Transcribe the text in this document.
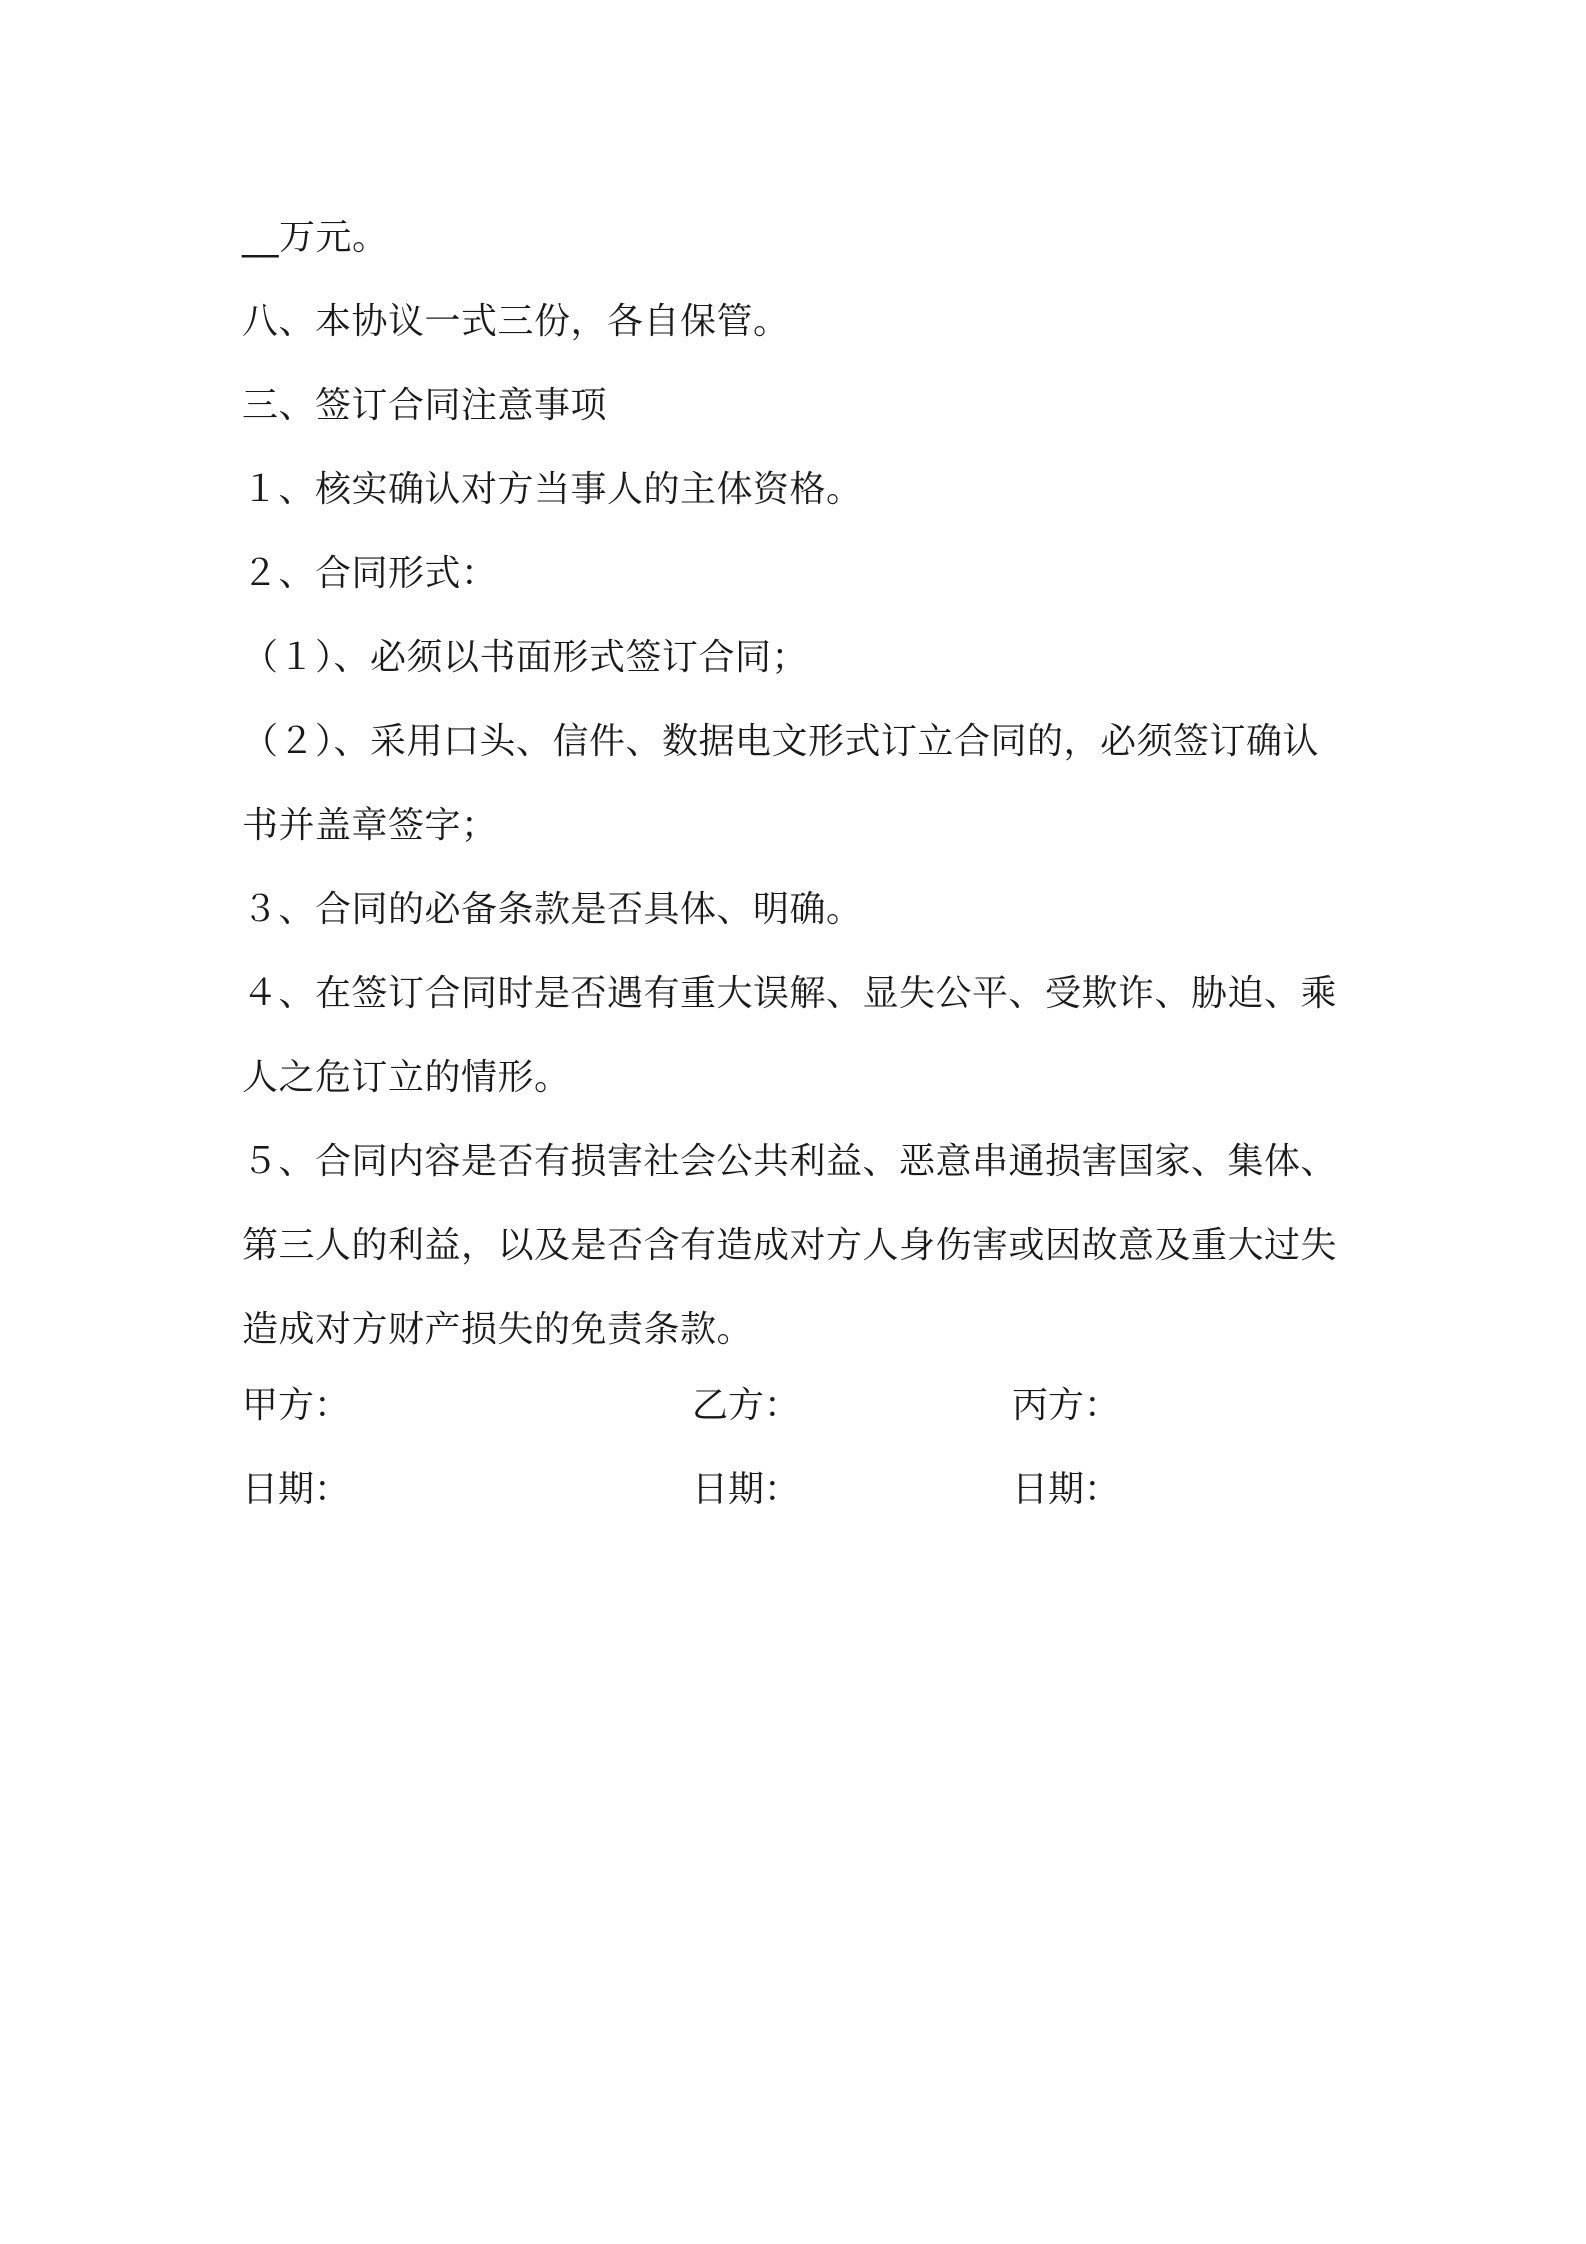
__万元。
八、本协议一式三份，各自保管。
三、签订合同注意事项
１、核实确认对方当事人的主体资格。
２、合同形式：
（１）、必须以书面形式签订合同；
（２）、采用口头、信件、数据电文形式订立合同的，必须签订确认
书并盖章签字；
３、合同的必备条款是否具体、明确。
４、在签订合同时是否遇有重大误解、显失公平、受欺诈、胁迫、乘
人之危订立的情形。
５、合同内容是否有损害社会公共利益、恶意串通损害国家、集体、
第三人的利益，以及是否含有造成对方人身伤害或因故意及重大过失
造成对方财产损失的免责条款。
甲方：	乙方：	丙方：
日期：	日期：	日期：
